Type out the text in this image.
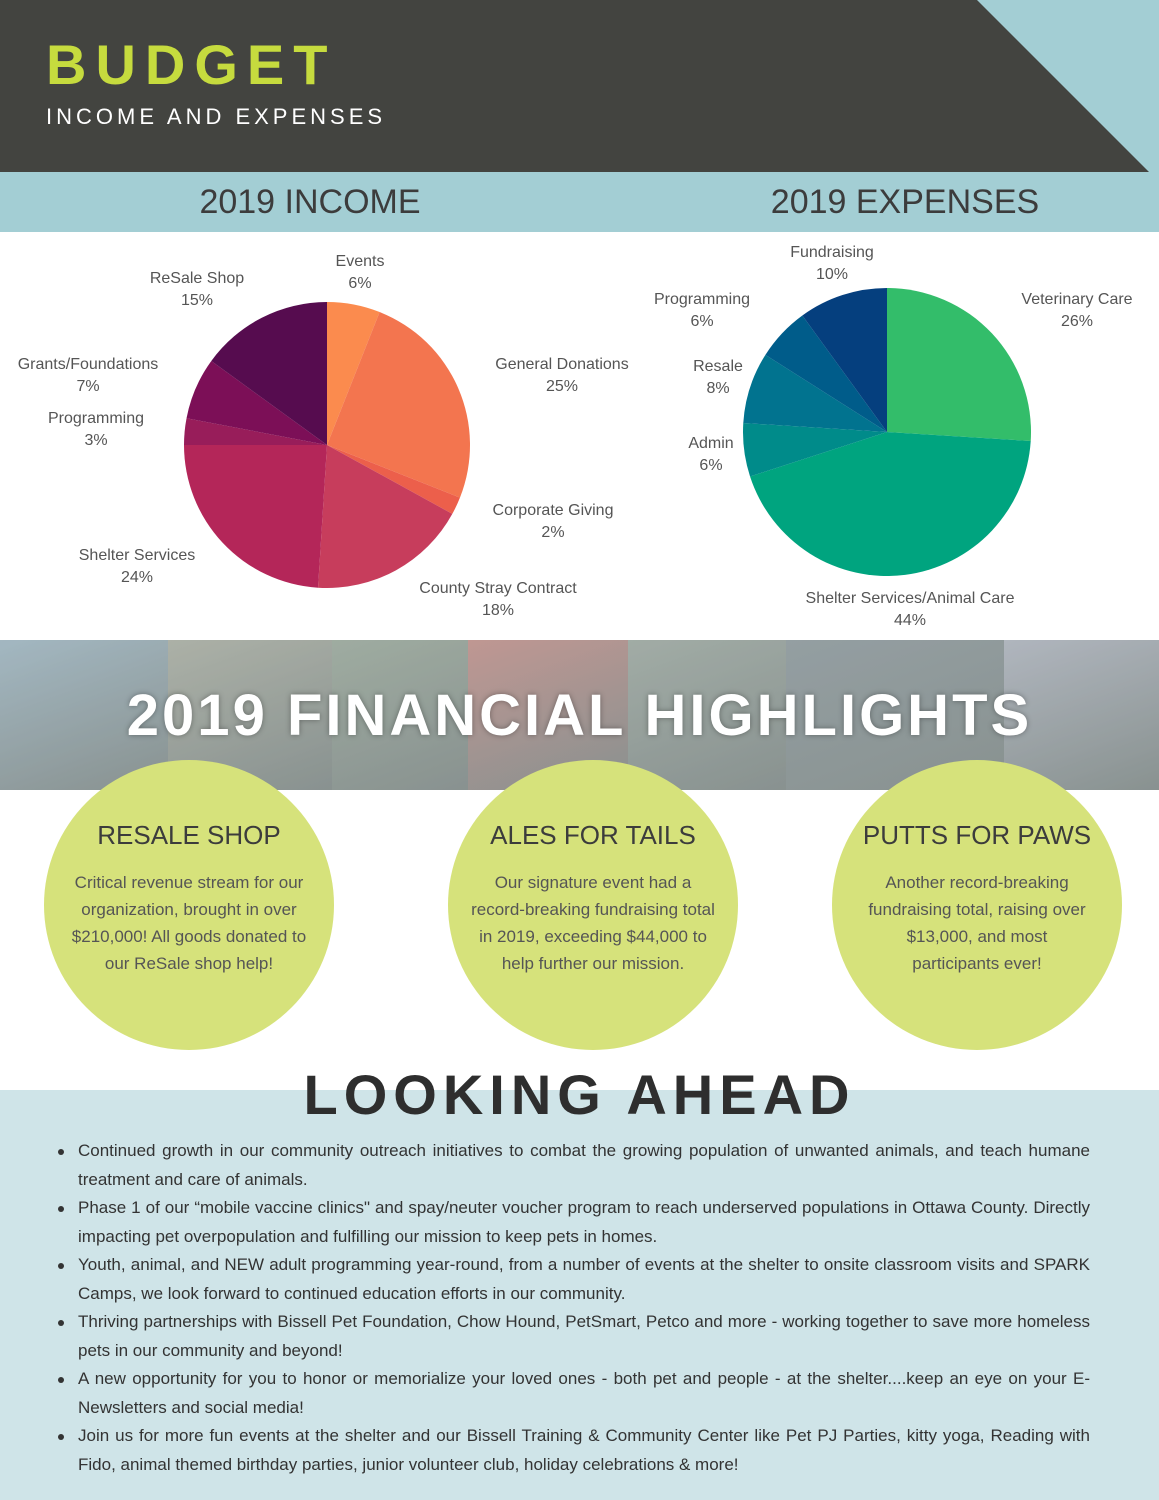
BUDGET
INCOME AND EXPENSES
2019 INCOME	2019 EXPENSES
Events
6%
General Donations
25%
Corporate Giving
2%
County Stray Contract
18%
Shelter Services
24%
Programming
3%
Grants/Foundations
7%
ReSale Shop
15%	Veterinary Care
26%
Shelter Services/Animal Care
44%
Admin
6%
Resale
8%
Programming
6%
Fundraising
10%
2019 FINANCIAL HIGHLIGHTS
RESALE SHOP
Critical revenue stream for our organization, brought in over $210,000! All goods donated to our ReSale shop help!
ALES FOR TAILS
Our signature event had a record-breaking fundraising total in 2019, exceeding $44,000 to help further our mission.
PUTTS FOR PAWS
Another record-breaking fundraising total, raising over $13,000, and most participants ever!
LOOKING AHEAD
Continued growth in our community outreach initiatives to combat the growing population of unwanted animals, and teach humane treatment and care of animals.
Phase 1 of our “mobile vaccine clinics" and spay/neuter voucher program to reach underserved populations in Ottawa County. Directly impacting pet overpopulation and fulfilling our mission to keep pets in homes.
Youth, animal, and NEW adult programming year-round, from a number of events at the shelter to onsite classroom visits and SPARK Camps, we look forward to continued education efforts in our community.
Thriving partnerships with Bissell Pet Foundation, Chow Hound, PetSmart, Petco and more - working together to save more homeless pets in our community and beyond!
A new opportunity for you to honor or memorialize your loved ones - both pet and people - at the shelter....keep an eye on your E-Newsletters and social media!
Join us for more fun events at the shelter and our Bissell Training & Community Center like Pet PJ Parties, kitty yoga, Reading with Fido, animal themed birthday parties, junior volunteer club, holiday celebrations & more!
